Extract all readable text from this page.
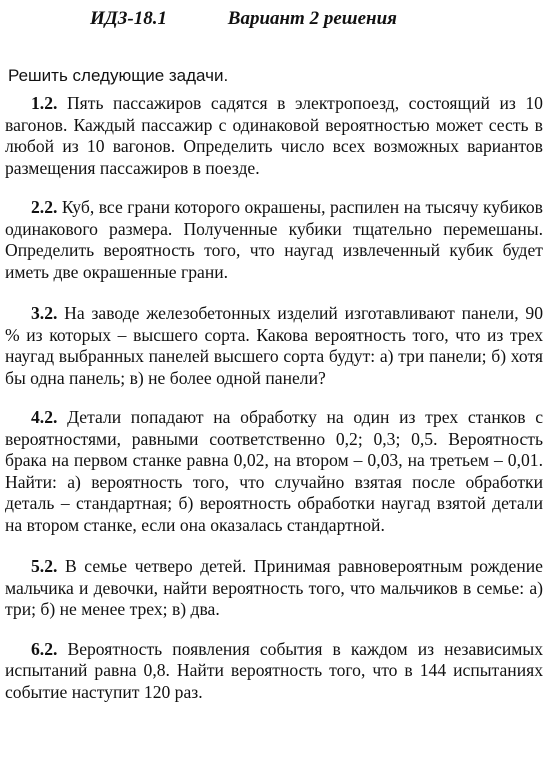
ИДЗ-18.1	Вариант 2 решения
Решить следующие задачи.

1.2. Пять пассажиров садятся в электропоезд, состоящий из 10 вагонов. Каждый пассажир с одинаковой вероятностью может сесть в любой из 10 вагонов. Определить число всех возможных вариантов размещения пассажиров в поезде.

2.2. Куб, все грани которого окрашены, распилен на тысячу кубиков одинакового размера. Полученные кубики тщательно перемешаны. Определить вероятность того, что наугад извлеченный кубик будет иметь две окрашенные грани.

3.2. На заводе железобетонных изделий изготавливают панели, 90 % из которых – высшего сорта. Какова вероятность того, что из трех наугад выбранных панелей высшего сорта будут: а) три панели; б) хотя бы одна панель; в) не более одной панели?

4.2. Детали попадают на обработку на один из трех станков с вероятностями, равными соответственно 0,2; 0,3; 0,5. Вероятность брака на первом станке равна 0,02, на втором – 0,03, на третьем – 0,01. Найти: а) вероятность того, что случайно взятая после обработки деталь – стандартная; б) вероятность обработки наугад взятой детали на втором станке, если она оказалась стандартной.

5.2. В семье четверо детей. Принимая равновероятным рождение мальчика и девочки, найти вероятность того, что мальчиков в семье: а) три; б) не менее трех; в) два.

6.2. Вероятность появления события в каждом из независимых испытаний равна 0,8. Найти вероятность того, что в 144 испытаниях событие наступит 120 раз.
